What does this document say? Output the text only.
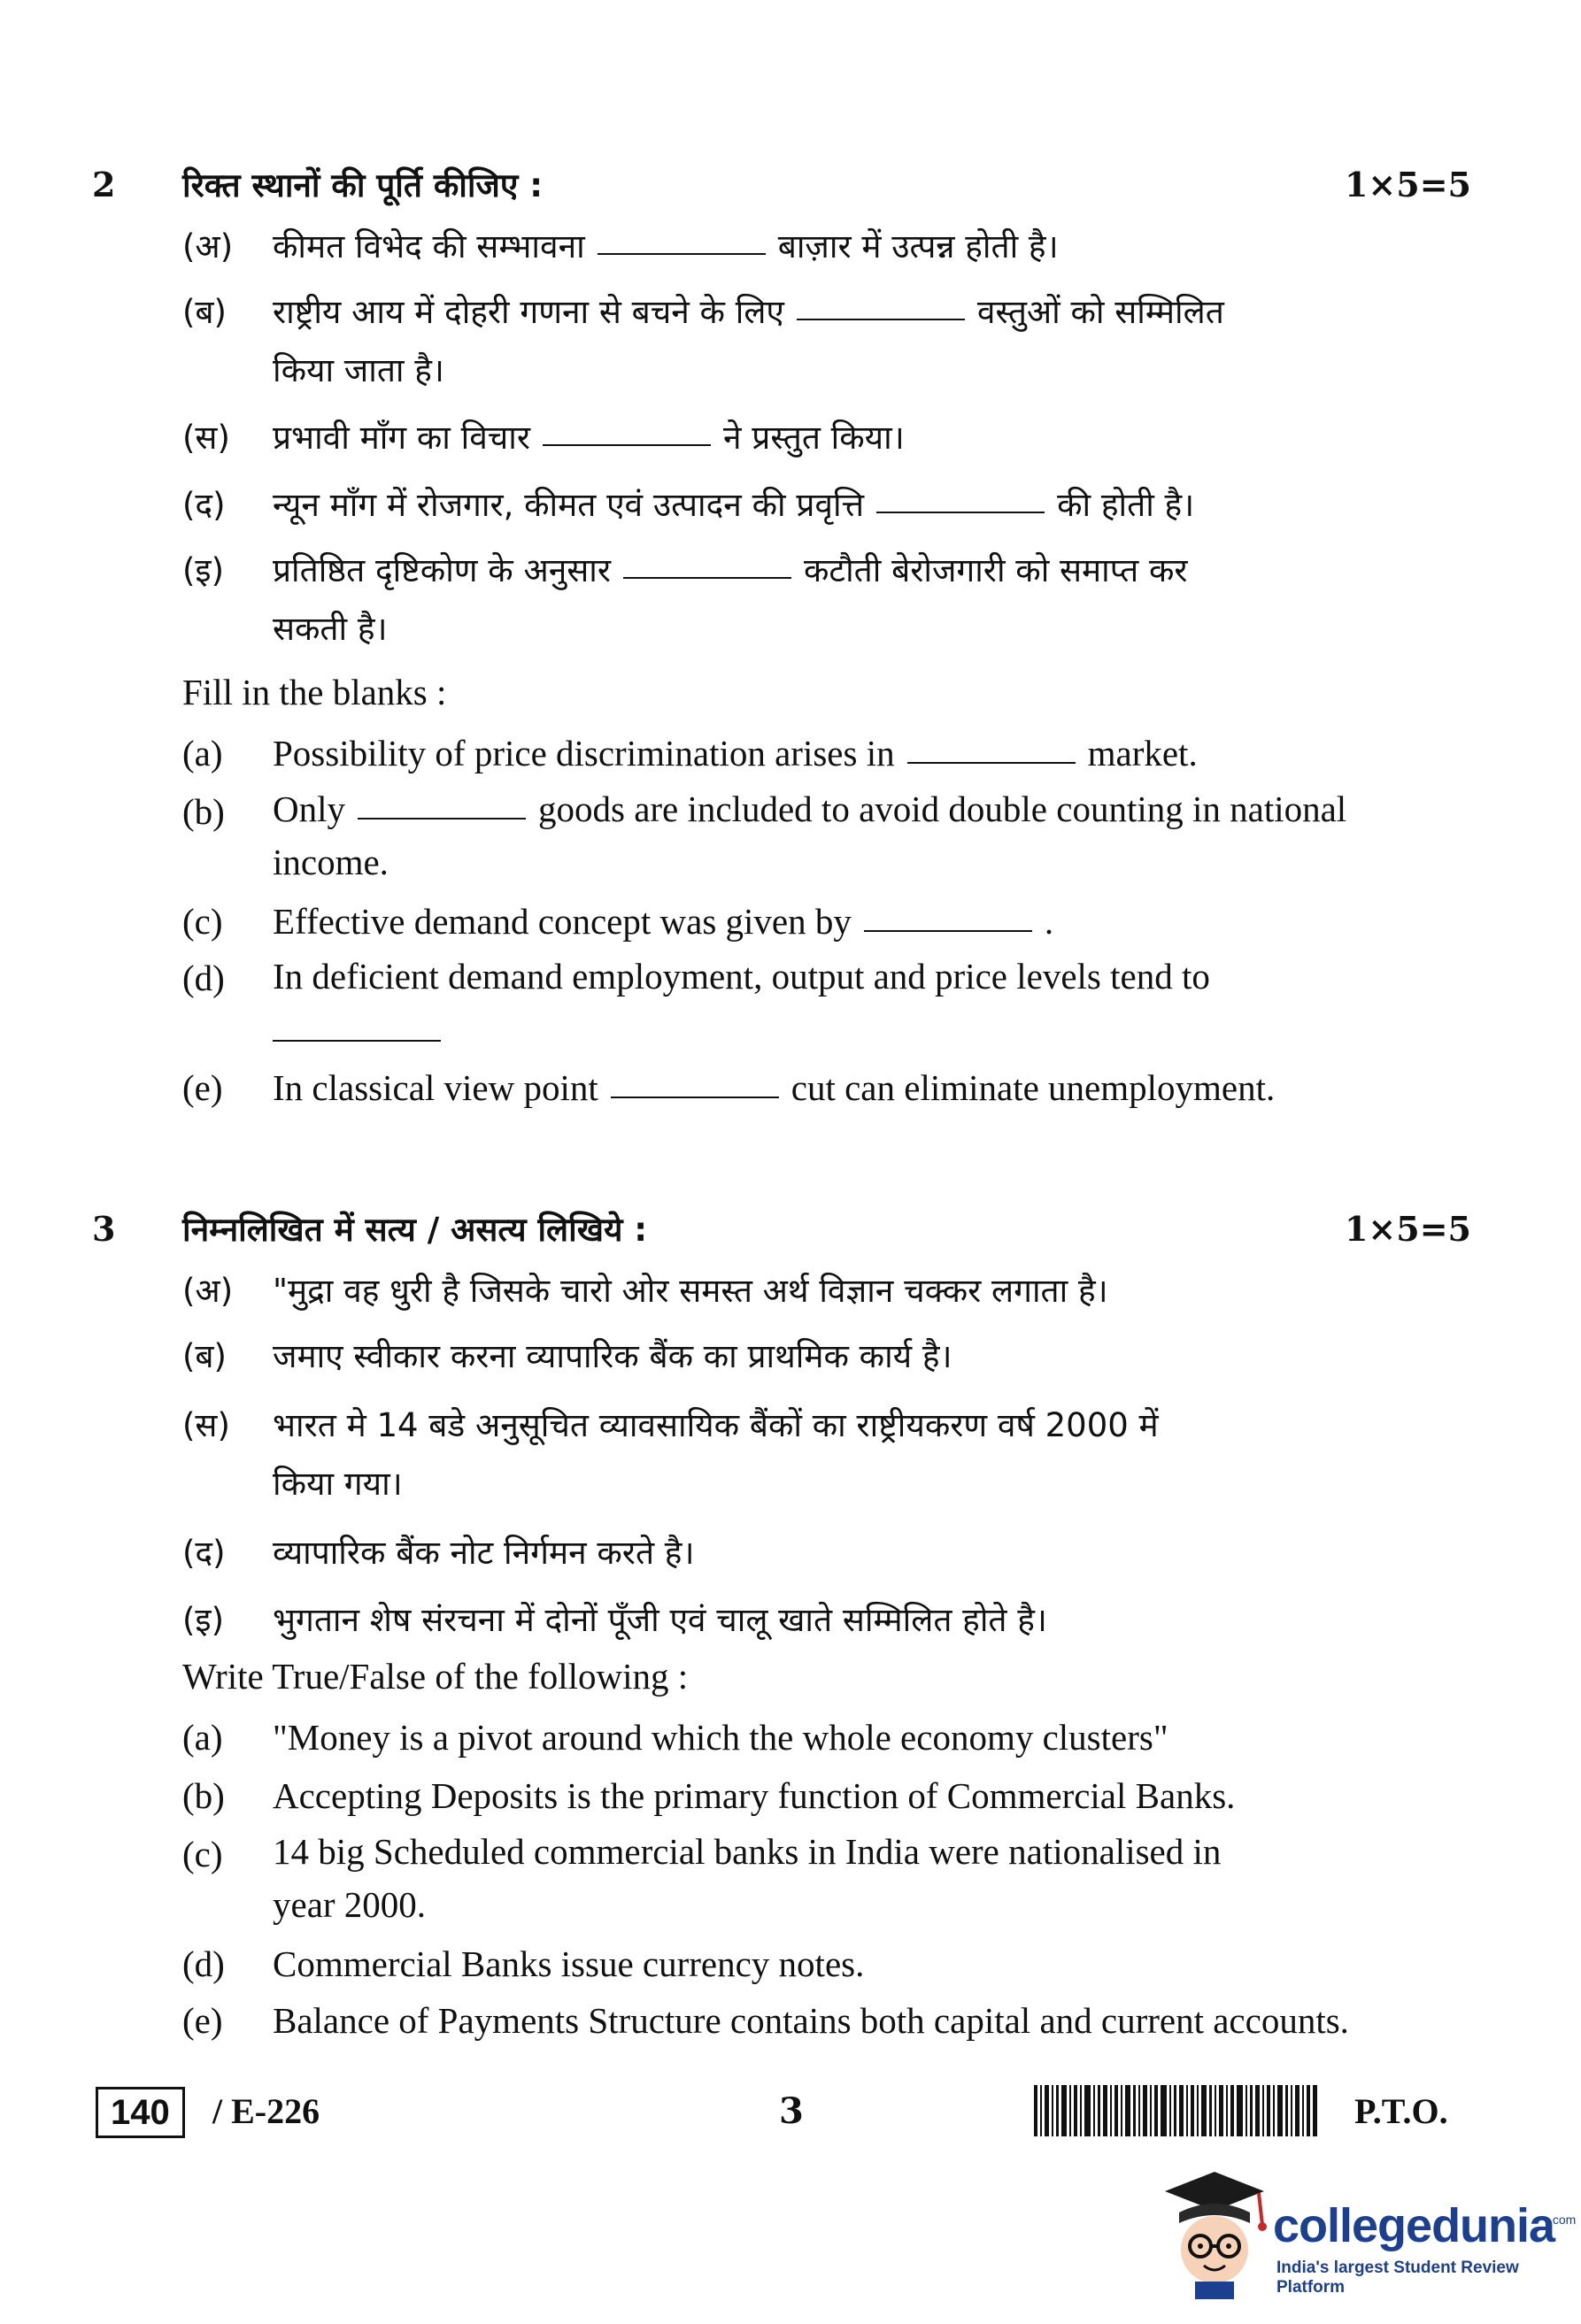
2 रिक्त स्थानों की पूर्ति कीजिए :	1×5=5
(अ)	कीमत विभेद की सम्भावना	बाज़ार में उत्पन्न होती है।
(ब)	राष्ट्रीय आय में दोहरी गणना से बचने के लिए	वस्तुओं को सम्मिलित
किया जाता है।
(स)	प्रभावी माँग का विचार	ने प्रस्तुत किया।
(द)	न्यून माँग में रोजगार, कीमत एवं उत्पादन की प्रवृत्ति	की होती है।
(इ)	प्रतिष्ठित दृष्टिकोण के अनुसार	कटौती बेरोजगारी को समाप्त कर
सकती है।
Fill in the blanks :
(a)	Possibility of price discrimination arises in	market.
(b)	Only	goods are included to avoid double counting in national
income.
(c)	Effective demand concept was given by	.
(d)	In deficient demand employment, output and price levels tend to

(e)	In classical view point	cut can eliminate unemployment.
3 निम्नलिखित में सत्य / असत्य लिखिये :	1×5=5
(अ)	"मुद्रा वह धुरी है जिसके चारो ओर समस्त अर्थ विज्ञान चक्कर लगाता है।
(ब)	जमाए स्वीकार करना व्यापारिक बैंक का प्राथमिक कार्य है।
(स)	भारत मे 14 बडे अनुसूचित व्यावसायिक बैंकों का राष्ट्रीयकरण वर्ष 2000 में
किया गया।
(द)	व्यापारिक बैंक नोट निर्गमन करते है।
(इ)	भुगतान शेष संरचना में दोनों पूँजी एवं चालू खाते सम्मिलित होते है।
Write True/False of the following :
(a)	"Money is a pivot around which the whole economy clusters"
(b)	Accepting Deposits is the primary function of Commercial Banks.
(c)	14 big Scheduled commercial banks in India were nationalised in
year 2000.
(d)	Commercial Banks issue currency notes.
(e)	Balance of Payments Structure contains both capital and current accounts.
140	/ E-226	3	P.T.O.
collegedunia
.com
India's largest Student Review Platform
